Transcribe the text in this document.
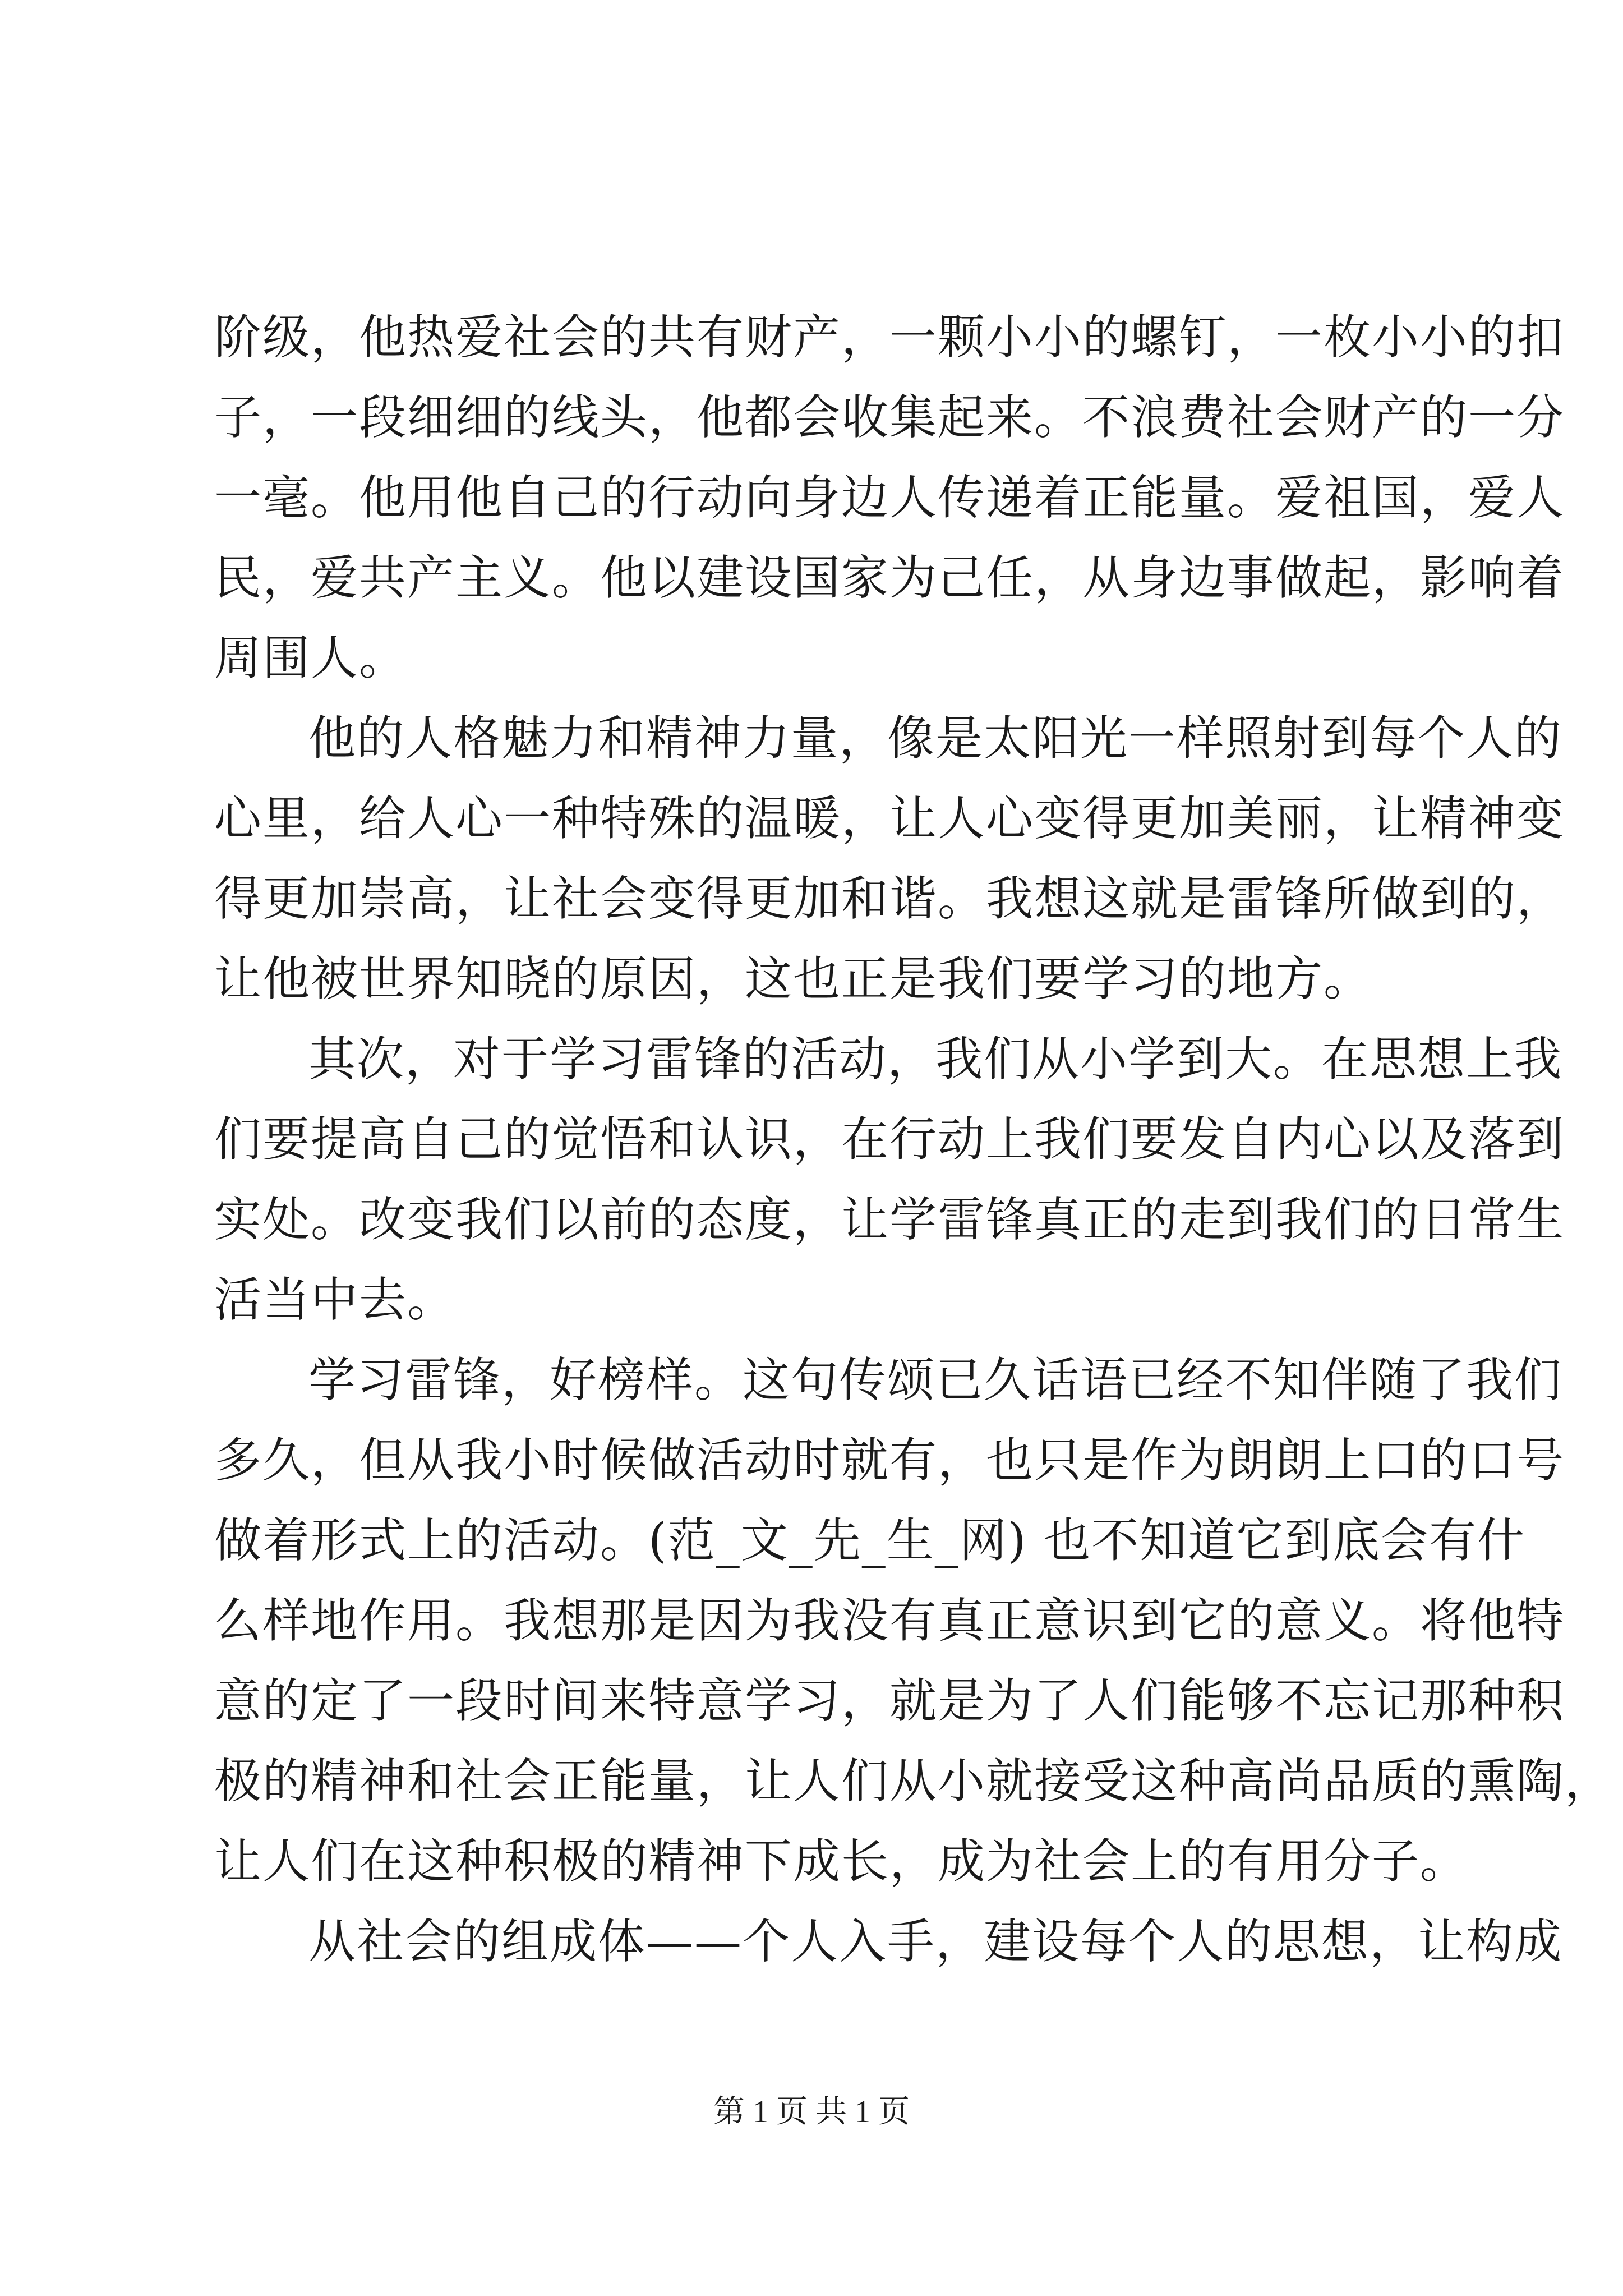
阶级，他热爱社会的共有财产，一颗小小的螺钉，一枚小小的扣
子，一段细细的线头，他都会收集起来。不浪费社会财产的一分
一毫。他用他自己的行动向身边人传递着正能量。爱祖国，爱人
民，爱共产主义。他以建设国家为己任，从身边事做起，影响着
周围人。
他的人格魅力和精神力量，像是太阳光一样照射到每个人的
心里，给人心一种特殊的温暖，让人心变得更加美丽，让精神变
得更加崇高，让社会变得更加和谐。我想这就是雷锋所做到的，
让他被世界知晓的原因，这也正是我们要学习的地方。
其次，对于学习雷锋的活动，我们从小学到大。在思想上我
们要提高自己的觉悟和认识，在行动上我们要发自内心以及落到
实处。改变我们以前的态度，让学雷锋真正的走到我们的日常生
活当中去。
学习雷锋，好榜样。这句传颂已久话语已经不知伴随了我们
多久，但从我小时候做活动时就有，也只是作为朗朗上口的口号
做着形式上的活动。(范_文_先_生_网) 也不知道它到底会有什
么样地作用。我想那是因为我没有真正意识到它的意义。将他特
意的定了一段时间来特意学习，就是为了人们能够不忘记那种积
极的精神和社会正能量，让人们从小就接受这种高尚品质的熏陶，
让人们在这种积极的精神下成长，成为社会上的有用分子。
从社会的组成体——个人入手，建设每个人的思想，让构成
第 1 页 共 1 页
